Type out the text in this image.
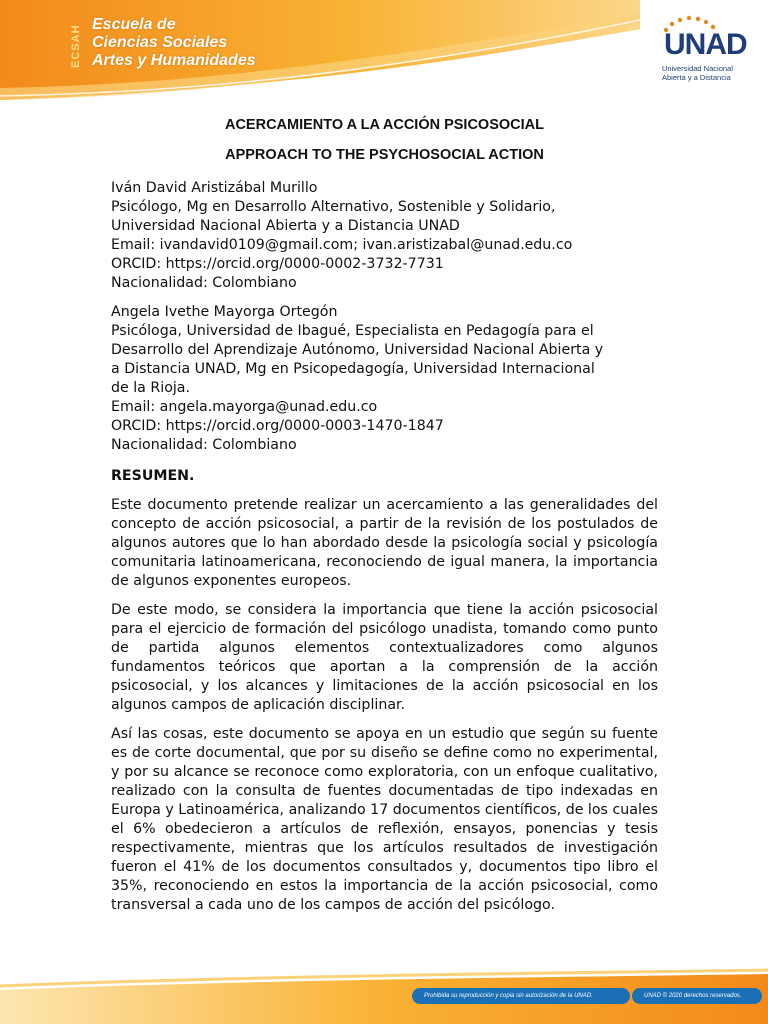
ECSAH Escuela de
Ciencias Sociales
Artes y Humanidades	UNAD
Universidad Nacional
Abierta y a Distancia
ACERCAMIENTO A LA ACCIÓN PSICOSOCIAL
APPROACH TO THE PSYCHOSOCIAL ACTION
Iván David Aristizábal Murillo
Psicólogo, Mg en Desarrollo Alternativo, Sostenible y Solidario,
Universidad Nacional Abierta y a Distancia UNAD
Email: ivandavid0109@gmail.com; ivan.aristizabal@unad.edu.co
ORCID: https://orcid.org/0000-0002-3732-7731
Nacionalidad: Colombiano
Angela Ivethe Mayorga Ortegón
Psicóloga, Universidad de Ibagué, Especialista en Pedagogía para el
Desarrollo del Aprendizaje Autónomo, Universidad Nacional Abierta y
a Distancia UNAD, Mg en Psicopedagogía, Universidad Internacional
de la Rioja.
Email: angela.mayorga@unad.edu.co
ORCID: https://orcid.org/0000-0003-1470-1847
Nacionalidad: Colombiano
RESUMEN.

Este documento pretende realizar un acercamiento a las generalidades del concepto de acción psicosocial, a partir de la revisión de los postulados de algunos autores que lo han abordado desde la psicología social y psicología comunitaria latinoamericana, reconociendo de igual manera, la importancia de algunos exponentes europeos.

De este modo, se considera la importancia que tiene la acción psicosocial para el ejercicio de formación del psicólogo unadista, tomando como punto de partida algunos elementos contextualizadores como algunos fundamentos teóricos que aportan a la comprensión de la acción psicosocial, y los alcances y limitaciones de la acción psicosocial en los algunos campos de aplicación disciplinar.

Así las cosas, este documento se apoya en un estudio que según su fuente es de corte documental, que por su diseño se define como no experimental, y por su alcance se reconoce como exploratoria, con un enfoque cualitativo, realizado con la consulta de fuentes documentadas de tipo indexadas en Europa y Latinoamérica, analizando 17 documentos científicos, de los cuales el 6% obedecieron a artículos de reflexión, ensayos, ponencias y tesis respectivamente, mientras que los artículos resultados de investigación fueron el 41% de los documentos consultados y, documentos tipo libro el 35%, reconociendo en estos la importancia de la acción psicosocial, como transversal a cada uno de los campos de acción del psicólogo.

Prohibida su reproducción y copia sin autorización de la UNAD.	UNAD © 2020 derechos reservados.
